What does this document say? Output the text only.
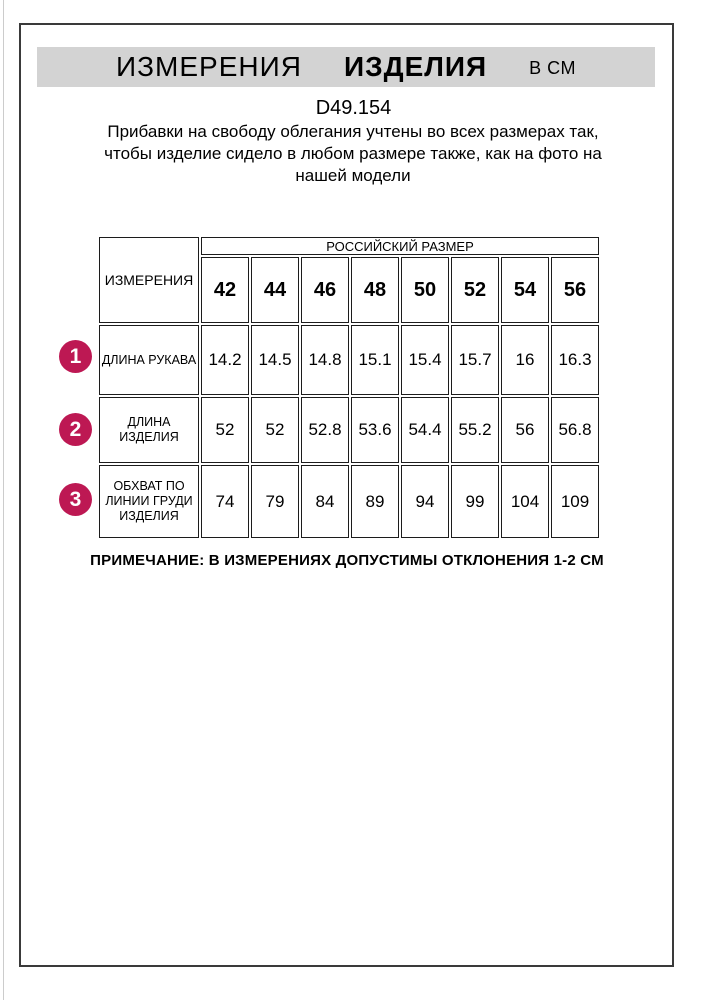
ИЗМЕРЕНИЯ ИЗДЕЛИЯ В СМ
D49.154
Прибавки на свободу облегания учтены во всех размерах так, чтобы изделие сидело в любом размере также, как на фото на нашей модели
ИЗМЕРЕНИЯ	РОССИЙСКИЙ РАЗМЕР							
	42	44	46	48	50	52	54	56
ДЛИНА РУКАВА	14.2	14.5	14.8	15.1	15.4	15.7	16	16.3
ДЛИНА ИЗДЕЛИЯ	52	52	52.8	53.6	54.4	55.2	56	56.8
ОБХВАТ ПО ЛИНИИ ГРУДИ ИЗДЕЛИЯ	74	79	84	89	94	99	104	109
1
2
3
ПРИМЕЧАНИЕ: В ИЗМЕРЕНИЯХ ДОПУСТИМЫ ОТКЛОНЕНИЯ 1-2 СМ
